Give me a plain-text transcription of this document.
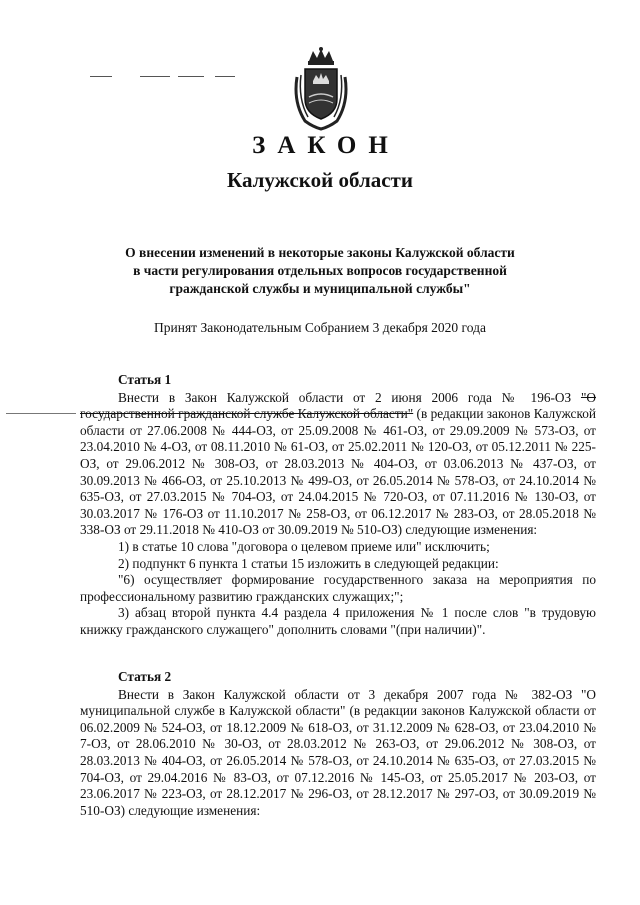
ЗАКОН
Калужской области
О внесении изменений в некоторые законы Калужской области
в части регулирования отдельных вопросов государственной
гражданской службы и муниципальной службы"
Принят Законодательным Собранием 3 декабря 2020 года
Статья 1

Внести в Закон Калужской области от 2 июня 2006 года № 196-ОЗ "О государственной гражданской службе Калужской области" (в редакции законов Калужской области от 27.06.2008 № 444-ОЗ, от 25.09.2008 № 461-ОЗ, от 29.09.2009 № 573-ОЗ, от 23.04.2010 № 4-ОЗ, от 08.11.2010 № 61-ОЗ, от 25.02.2011 № 120-ОЗ, от 05.12.2011 № 225-ОЗ, от 29.06.2012 № 308-ОЗ, от 28.03.2013 № 404-ОЗ, от 03.06.2013 № 437-ОЗ, от 30.09.2013 № 466-ОЗ, от 25.10.2013 № 499-ОЗ, от 26.05.2014 № 578-ОЗ, от 24.10.2014 № 635-ОЗ, от 27.03.2015 № 704-ОЗ, от 24.04.2015 № 720-ОЗ, от 07.11.2016 № 130-ОЗ, от 30.03.2017 № 176-ОЗ от 11.10.2017 № 258-ОЗ, от 06.12.2017 № 283-ОЗ, от 28.05.2018 № 338-ОЗ от 29.11.2018 № 410-ОЗ от 30.09.2019 № 510-ОЗ) следующие изменения:

1) в статье 10 слова "договора о целевом приеме или" исключить;

2) подпункт 6 пункта 1 статьи 15 изложить в следующей редакции:

"6) осуществляет формирование государственного заказа на мероприятия по профессиональному развитию гражданских служащих;";

3) абзац второй пункта 4.4 раздела 4 приложения № 1 после слов "в трудовую книжку гражданского служащего" дополнить словами "(при наличии)".

Статья 2

Внести в Закон Калужской области от 3 декабря 2007 года № 382-ОЗ "О муниципальной службе в Калужской области" (в редакции законов Калужской области от 06.02.2009 № 524-ОЗ, от 18.12.2009 № 618-ОЗ, от 31.12.2009 № 628-ОЗ, от 23.04.2010 № 7-ОЗ, от 28.06.2010 № 30-ОЗ, от 28.03.2012 № 263-ОЗ, от 29.06.2012 № 308-ОЗ, от 28.03.2013 № 404-ОЗ, от 26.05.2014 № 578-ОЗ, от 24.10.2014 № 635-ОЗ, от 27.03.2015 № 704-ОЗ, от 29.04.2016 № 83-ОЗ, от 07.12.2016 № 145-ОЗ, от 25.05.2017 № 203-ОЗ, от 23.06.2017 № 223-ОЗ, от 28.12.2017 № 296-ОЗ, от 28.12.2017 № 297-ОЗ, от 30.09.2019 № 510-ОЗ) следующие изменения:
